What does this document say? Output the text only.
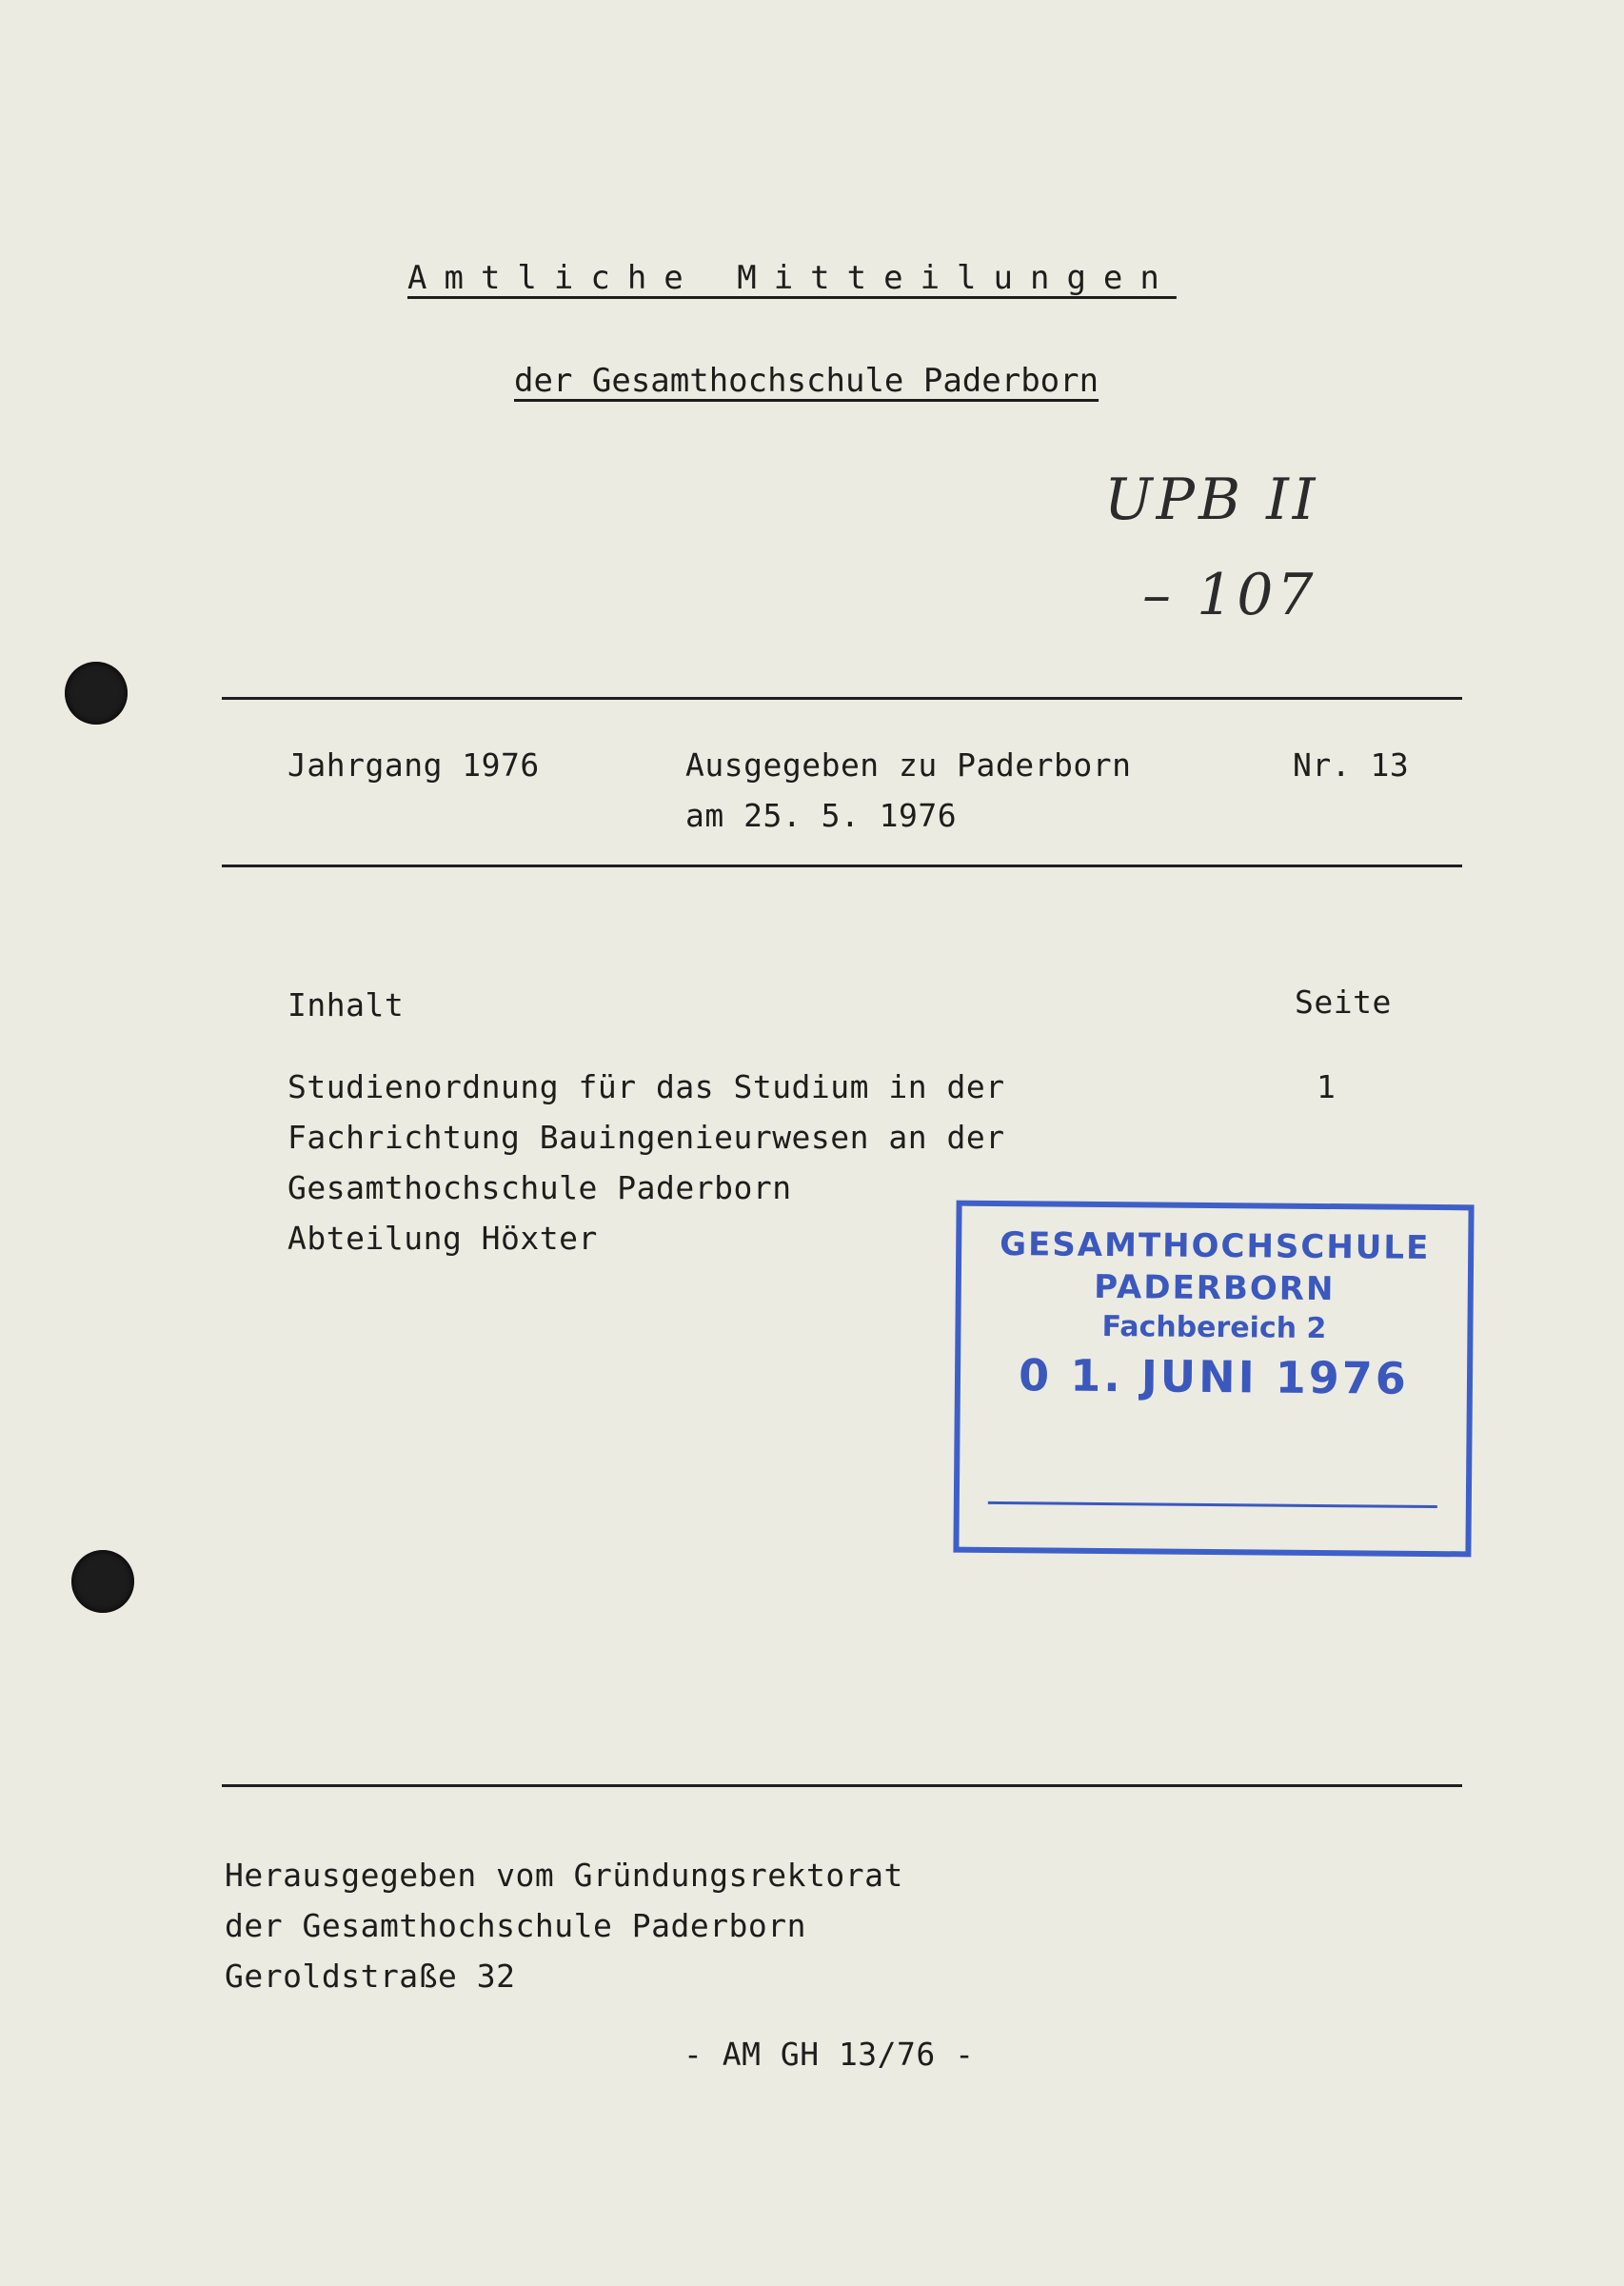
Amtliche Mitteilungen
der Gesamthochschule Paderborn
UPB II
– 107
Jahrgang 1976	Ausgegeben zu Paderborn
am 25. 5. 1976
Nr. 13
Inhalt	Seite
Studienordnung für das Studium in der
Fachrichtung Bauingenieurwesen an der
Gesamthochschule Paderborn
Abteilung Höxter
1
GESAMTHOCHSCHULE
PADERBORN
Fachbereich 2
0 1. JUNI 1976
Herausgegeben vom Gründungsrektorat
der Gesamthochschule Paderborn
Geroldstraße 32
- AM GH 13/76 -
